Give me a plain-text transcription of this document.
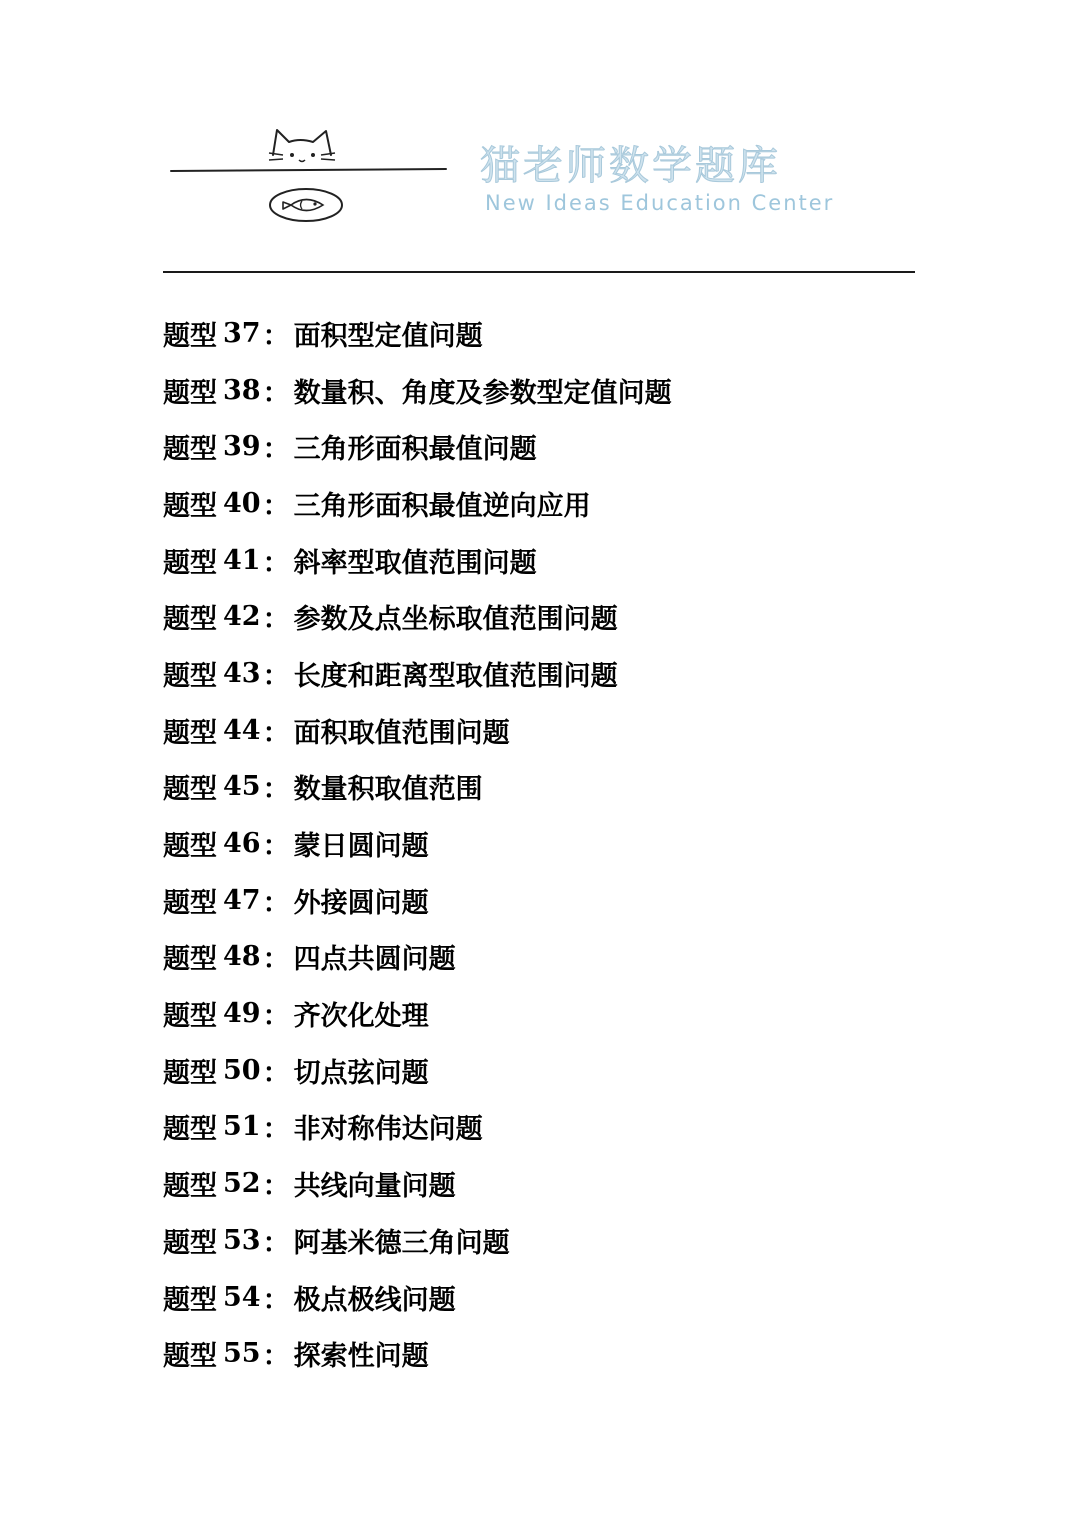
猫老师数学题库
New Ideas Education Center
题型 37 ： 面积型定值问题
题型 38 ： 数量积、角度及参数型定值问题
题型 39 ： 三角形面积最值问题
题型 40 ： 三角形面积最值逆向应用
题型 41 ： 斜率型取值范围问题
题型 42 ： 参数及点坐标取值范围问题
题型 43 ： 长度和距离型取值范围问题
题型 44 ： 面积取值范围问题
题型 45 ： 数量积取值范围
题型 46 ： 蒙日圆问题
题型 47 ： 外接圆问题
题型 48 ： 四点共圆问题
题型 49 ： 齐次化处理
题型 50 ： 切点弦问题
题型 51 ： 非对称伟达问题
题型 52 ： 共线向量问题
题型 53 ： 阿基米德三角问题
题型 54 ： 极点极线问题
题型 55 ： 探索性问题
